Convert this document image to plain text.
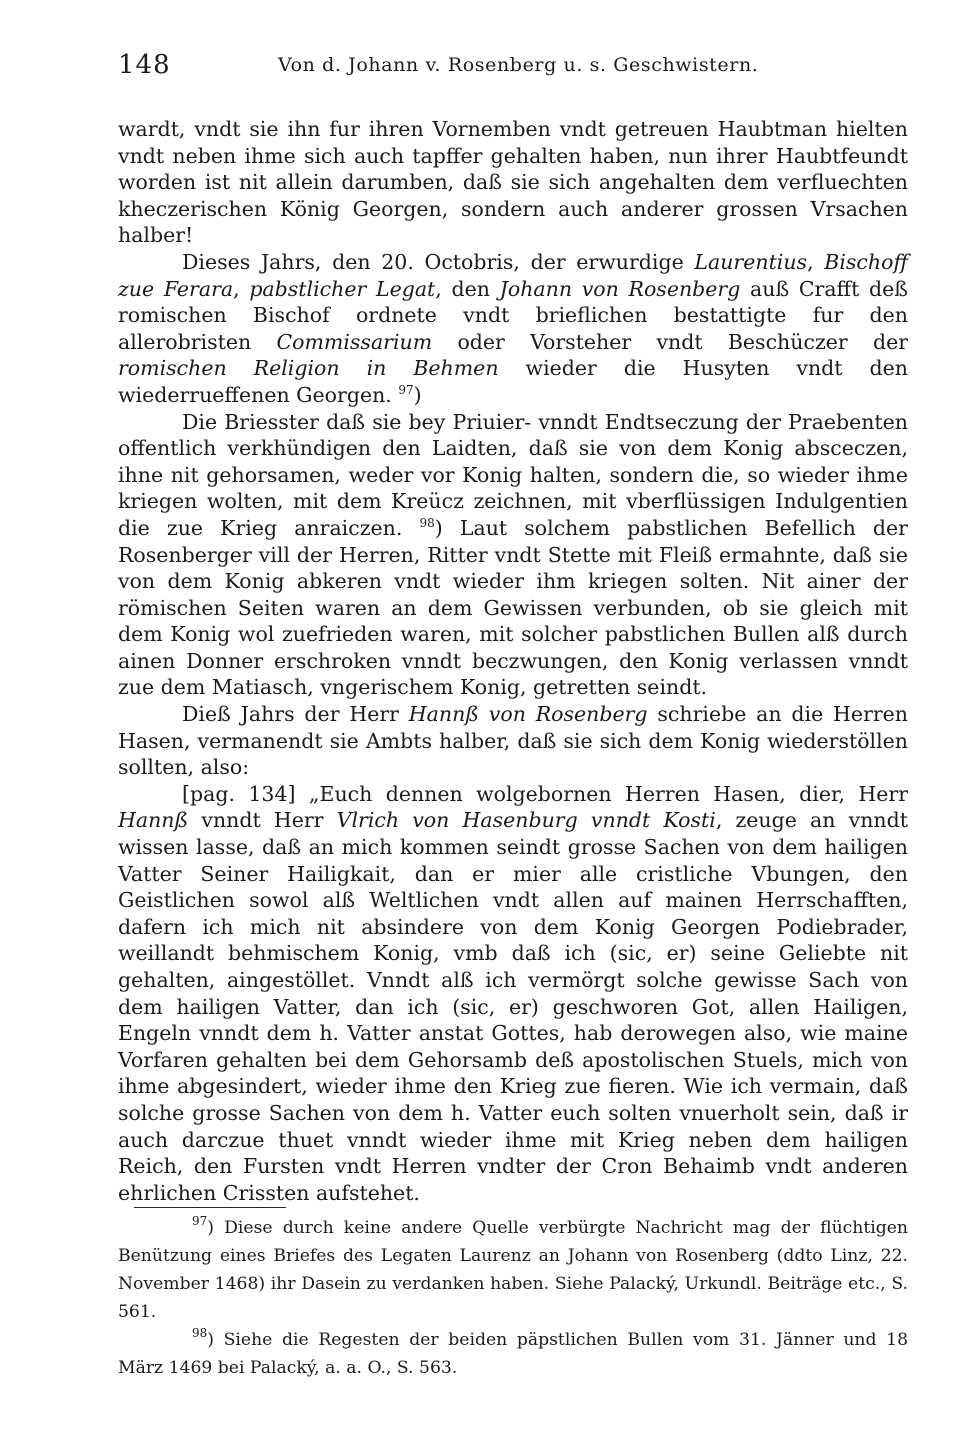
148	Von d. Johann v. Rosenberg u. s. Geschwistern.

wardt, vndt sie ihn fur ihren Vornemben vndt getreuen Haubtman hielten vndt neben ihme sich auch tapffer gehalten haben, nun ihrer Haubtfeundt worden ist nit allein darumben, daß sie sich angehalten dem verfluechten kheczerischen König Georgen, sondern auch anderer grossen Vrsachen halber!

Dieses Jahrs, den 20. Octobris, der erwurdige Laurentius, Bischoff zue Ferara, pabstlicher Legat, den Johann von Rosenberg auß Crafft deß romischen Bischof ordnete vndt brieflichen bestattigte fur den allerobristen Commissarium oder Vorsteher vndt Beschüczer der romischen Religion in Behmen wieder die Husyten vndt den wiederrueffenen Georgen. $^{97}$)

Die Briesster daß sie bey Priuier- vnndt Endtseczung der Praebenten offentlich verkhündigen den Laidten, daß sie von dem Konig absceczen, ihne nit gehorsamen, weder vor Konig halten, sondern die, so wieder ihme kriegen wolten, mit dem Kreücz zeichnen, mit vberflüssigen Indulgentien die zue Krieg anraiczen. $^{98}$) Laut solchem pabstlichen Befellich der Rosenberger vill der Herren, Ritter vndt Stette mit Fleiß ermahnte, daß sie von dem Konig abkeren vndt wieder ihm kriegen solten. Nit ainer der römischen Seiten waren an dem Gewissen verbunden, ob sie gleich mit dem Konig wol zuefrieden waren, mit solcher pabstlichen Bullen alß durch ainen Donner erschroken vnndt beczwungen, den Konig verlassen vnndt zue dem Matiasch, vngerischem Konig, getretten seindt.

Dieß Jahrs der Herr Hannß von Rosenberg schriebe an die Herren Hasen, vermanendt sie Ambts halber, daß sie sich dem Konig wiederstöllen sollten, also:

[pag. 134] „Euch dennen wolgebornen Herren Hasen, dier, Herr Hannß vnndt Herr Vlrich von Hasenburg vnndt Kosti, zeuge an vnndt wissen lasse, daß an mich kommen seindt grosse Sachen von dem hailigen Vatter Seiner Hailigkait, dan er mier alle cristliche Vbungen, den Geistlichen sowol alß Weltlichen vndt allen auf mainen Herrschafften, dafern ich mich nit absindere von dem Konig Georgen Podiebrader, weillandt behmischem Konig, vmb daß ich (sic, er) seine Geliebte nit gehalten, aingestöllet. Vnndt alß ich vermörgt solche gewisse Sach von dem hailigen Vatter, dan ich (sic, er) geschworen Got, allen Hailigen, Engeln vnndt dem h. Vatter anstat Gottes, hab derowegen also, wie maine Vorfaren gehalten bei dem Gehorsamb deß apostolischen Stuels, mich von ihme abgesindert, wieder ihme den Krieg zue fieren. Wie ich vermain, daß solche grosse Sachen von dem h. Vatter euch solten vnuerholt sein, daß ir auch darczue thuet vnndt wieder ihme mit Krieg neben dem hailigen Reich, den Fursten vndt Herren vndter der Cron Behaimb vndt anderen ehrlichen Crissten aufstehet.

$^{97}$) Diese durch keine andere Quelle verbürgte Nachricht mag der flüchtigen Benützung eines Briefes des Legaten Laurenz an Johann von Rosenberg (ddto Linz, 22. November 1468) ihr Dasein zu verdanken haben. Siehe Palacký, Urkundl. Beiträge etc., S. 561.

$^{98}$) Siehe die Regesten der beiden päpstlichen Bullen vom 31. Jänner und 18 März 1469 bei Palacký, a. a. O., S. 563.
